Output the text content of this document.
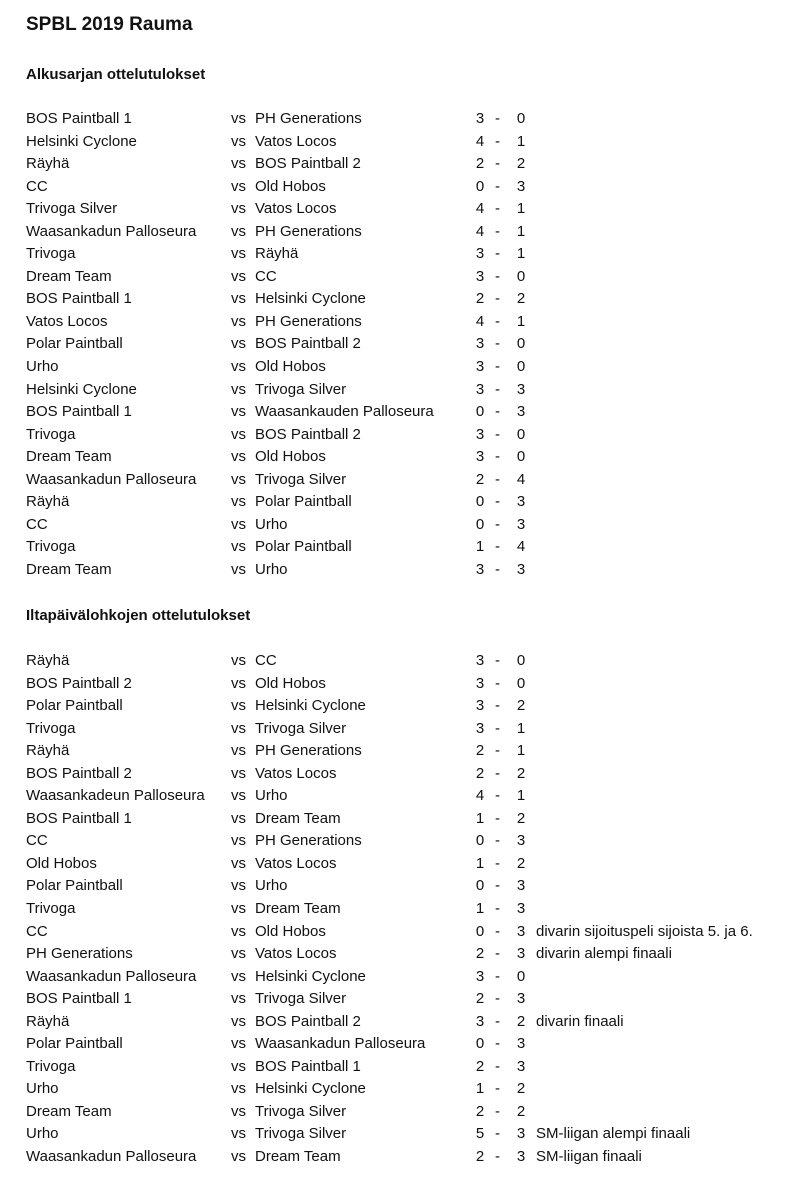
SPBL 2019 Rauma
Alkusarjan ottelutulokset
BOS Paintball 1	vs PH Generations	3 - 0
Helsinki Cyclone	vs Vatos Locos	4 - 1
Räyhä	vs BOS Paintball 2	2 - 2
CC	vs Old Hobos	0 - 3
Trivoga Silver	vs Vatos Locos	4 - 1
Waasankadun Palloseura vs PH Generations	4 - 1
Trivoga	vs Räyhä	3 - 1
Dream Team	vs CC	3 - 0
BOS Paintball 1	vs Helsinki Cyclone	2 - 2
Vatos Locos	vs PH Generations	4 - 1
Polar Paintball	vs BOS Paintball 2	3 - 0
Urho	vs Old Hobos	3 - 0
Helsinki Cyclone	vs Trivoga Silver	3 - 3
BOS Paintball 1	vs Waasankauden Palloseura	0 - 3
Trivoga	vs BOS Paintball 2	3 - 0
Dream Team	vs Old Hobos	3 - 0
Waasankadun Palloseura vs Trivoga Silver	2 - 4
Räyhä	vs Polar Paintball	0 - 3
CC	vs Urho	0 - 3
Trivoga	vs Polar Paintball	1 - 4
Dream Team	vs Urho	3 - 3
Iltapäivälohkojen ottelutulokset
Räyhä	vs CC	3 - 0
BOS Paintball 2	vs Old Hobos	3 - 0
Polar Paintball	vs Helsinki Cyclone	3 - 2
Trivoga	vs Trivoga Silver	3 - 1
Räyhä	vs PH Generations	2 - 1
BOS Paintball 2	vs Vatos Locos	2 - 2
Waasankadeun Palloseura vs Urho	4 - 1
BOS Paintball 1	vs Dream Team	1 - 2
CC	vs PH Generations	0 - 3
Old Hobos	vs Vatos Locos	1 - 2
Polar Paintball	vs Urho	0 - 3
Trivoga	vs Dream Team	1 - 3
CC	vs Old Hobos	0 - 3 divarin sijoituspeli sijoista 5. ja 6.
PH Generations	vs Vatos Locos	2 - 3 divarin alempi finaali
Waasankadun Palloseura vs Helsinki Cyclone	3 - 0
BOS Paintball 1	vs Trivoga Silver	2 - 3
Räyhä	vs BOS Paintball 2	3 - 2 divarin finaali
Polar Paintball	vs Waasankadun Palloseura	0 - 3
Trivoga	vs BOS Paintball 1	2 - 3
Urho	vs Helsinki Cyclone	1 - 2
Dream Team	vs Trivoga Silver	2 - 2
Urho	vs Trivoga Silver	5 - 3 SM-liigan alempi finaali
Waasankadun Palloseura vs Dream Team	2 - 3 SM-liigan finaali
